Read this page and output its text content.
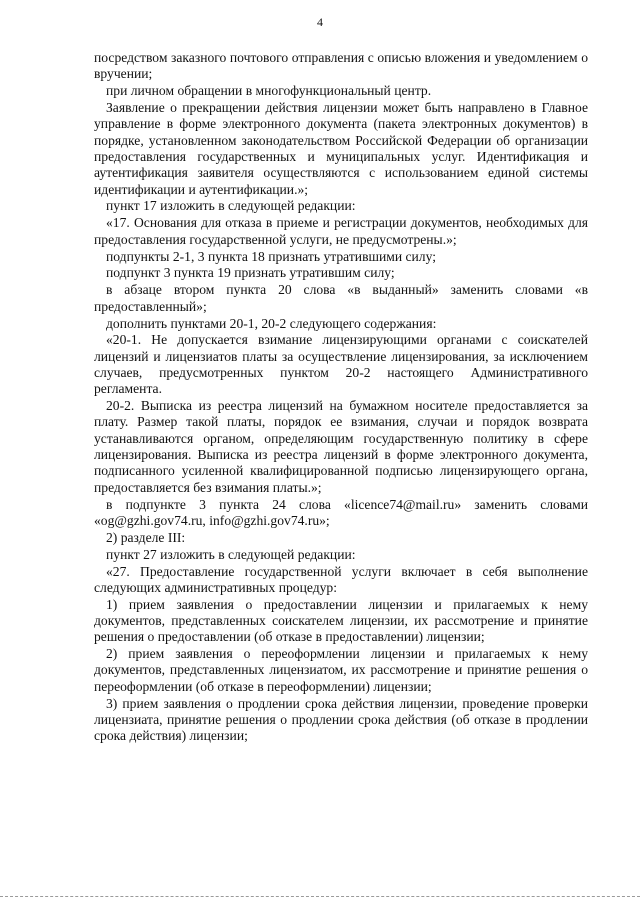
4

посредством заказного почтового отправления с описью вложения и уведомлением о вручении;

при личном обращении в многофункциональный центр.

Заявление о прекращении действия лицензии может быть направлено в Главное управление в форме электронного документа (пакета электронных документов) в порядке, установленном законодательством Российской Федерации об организации предоставления государственных и муниципальных услуг. Идентификация и аутентификация заявителя осуществляются с использованием единой системы идентификации и аутентификации.»;

пункт 17 изложить в следующей редакции:

«17. Основания для отказа в приеме и регистрации документов, необходимых для предоставления государственной услуги, не предусмотрены.»;

подпункты 2-1, 3 пункта 18 признать утратившими силу;

подпункт 3 пункта 19 признать утратившим силу;

в абзаце втором пункта 20 слова «в выданный» заменить словами «в предоставленный»;

дополнить пунктами 20-1, 20-2 следующего содержания:

«20-1. Не допускается взимание лицензирующими органами с соискателей лицензий и лицензиатов платы за осуществление лицензирования, за исключением случаев, предусмотренных пунктом 20-2 настоящего Административного регламента.

20-2. Выписка из реестра лицензий на бумажном носителе предоставляется за плату. Размер такой платы, порядок ее взимания, случаи и порядок возврата устанавливаются органом, определяющим государственную политику в сфере лицензирования. Выписка из реестра лицензий в форме электронного документа, подписанного усиленной квалифицированной подписью лицензирующего органа, предоставляется без взимания платы.»;

в подпункте 3 пункта 24 слова «licence74@mail.ru» заменить словами «og@gzhi.gov74.ru, info@gzhi.gov74.ru»;

2) разделе III:

пункт 27 изложить в следующей редакции:

«27. Предоставление государственной услуги включает в себя выполнение следующих административных процедур:

1) прием заявления о предоставлении лицензии и прилагаемых к нему документов, представленных соискателем лицензии, их рассмотрение и принятие решения о предоставлении (об отказе в предоставлении) лицензии;

2) прием заявления о переоформлении лицензии и прилагаемых к нему документов, представленных лицензиатом, их рассмотрение и принятие решения о переоформлении (об отказе в переоформлении) лицензии;

3) прием заявления о продлении срока действия лицензии, проведение проверки лицензиата, принятие решения о продлении срока действия (об отказе в продлении срока действия) лицензии;
